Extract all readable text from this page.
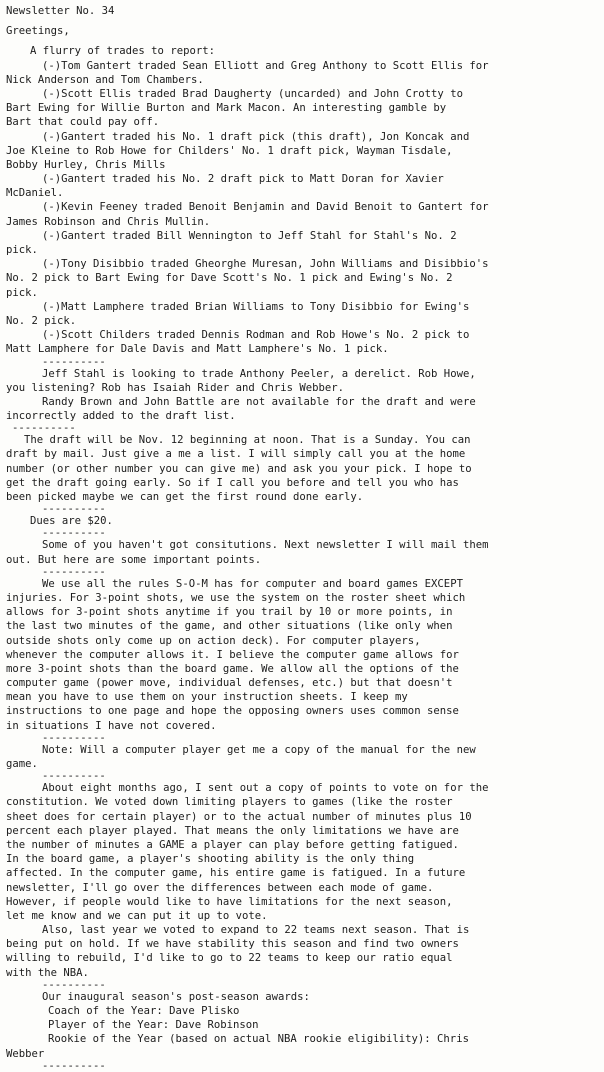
Newsletter No. 34
Greetings,
A flurry of trades to report:
(-)Tom Gantert traded Sean Elliott and Greg Anthony to Scott Ellis for
Nick Anderson and Tom Chambers.
(-)Scott Ellis traded Brad Daugherty (uncarded) and John Crotty to
Bart Ewing for Willie Burton and Mark Macon. An interesting gamble by
Bart that could pay off.
(-)Gantert traded his No. 1 draft pick (this draft), Jon Koncak and
Joe Kleine to Rob Howe for Childers' No. 1 draft pick, Wayman Tisdale,
Bobby Hurley, Chris Mills
(-)Gantert traded his No. 2 draft pick to Matt Doran for Xavier
McDaniel.
(-)Kevin Feeney traded Benoit Benjamin and David Benoit to Gantert for
James Robinson and Chris Mullin.
(-)Gantert traded Bill Wennington to Jeff Stahl for Stahl's No. 2
pick.
(-)Tony Disibbio traded Gheorghe Muresan, John Williams and Disibbio's
No. 2 pick to Bart Ewing for Dave Scott's No. 1 pick and Ewing's No. 2
pick.
(-)Matt Lamphere traded Brian Williams to Tony Disibbio for Ewing's
No. 2 pick.
(-)Scott Childers traded Dennis Rodman and Rob Howe's No. 2 pick to
Matt Lamphere for Dale Davis and Matt Lamphere's No. 1 pick.
----------
Jeff Stahl is looking to trade Anthony Peeler, a derelict. Rob Howe,
you listening? Rob has Isaiah Rider and Chris Webber.
Randy Brown and John Battle are not available for the draft and were
incorrectly added to the draft list.
----------
The draft will be Nov. 12 beginning at noon. That is a Sunday. You can
draft by mail. Just give a me a list. I will simply call you at the home
number (or other number you can give me) and ask you your pick. I hope to
get the draft going early. So if I call you before and tell you who has
been picked maybe we can get the first round done early.
----------
Dues are $20.
----------
Some of you haven't got consitutions. Next newsletter I will mail them
out. But here are some important points.
----------
We use all the rules S-O-M has for computer and board games EXCEPT
injuries. For 3-point shots, we use the system on the roster sheet which
allows for 3-point shots anytime if you trail by 10 or more points, in
the last two minutes of the game, and other situations (like only when
outside shots only come up on action deck). For computer players,
whenever the computer allows it. I believe the computer game allows for
more 3-point shots than the board game. We allow all the options of the
computer game (power move, individual defenses, etc.) but that doesn't
mean you have to use them on your instruction sheets. I keep my
instructions to one page and hope the opposing owners uses common sense
in situations I have not covered.
----------
Note: Will a computer player get me a copy of the manual for the new
game.
----------
About eight months ago, I sent out a copy of points to vote on for the
constitution. We voted down limiting players to games (like the roster
sheet does for certain player) or to the actual number of minutes plus 10
percent each player played. That means the only limitations we have are
the number of minutes a GAME a player can play before getting fatigued.
In the board game, a player's shooting ability is the only thing
affected. In the computer game, his entire game is fatigued. In a future
newsletter, I'll go over the differences between each mode of game.
However, if people would like to have limitations for the next season,
let me know and we can put it up to vote.
Also, last year we voted to expand to 22 teams next season. That is
being put on hold. If we have stability this season and find two owners
willing to rebuild, I'd like to go to 22 teams to keep our ratio equal
with the NBA.
----------
Our inaugural season's post-season awards:
Coach of the Year: Dave Plisko
Player of the Year: Dave Robinson
Rookie of the Year (based on actual NBA rookie eligibility): Chris
Webber
----------
